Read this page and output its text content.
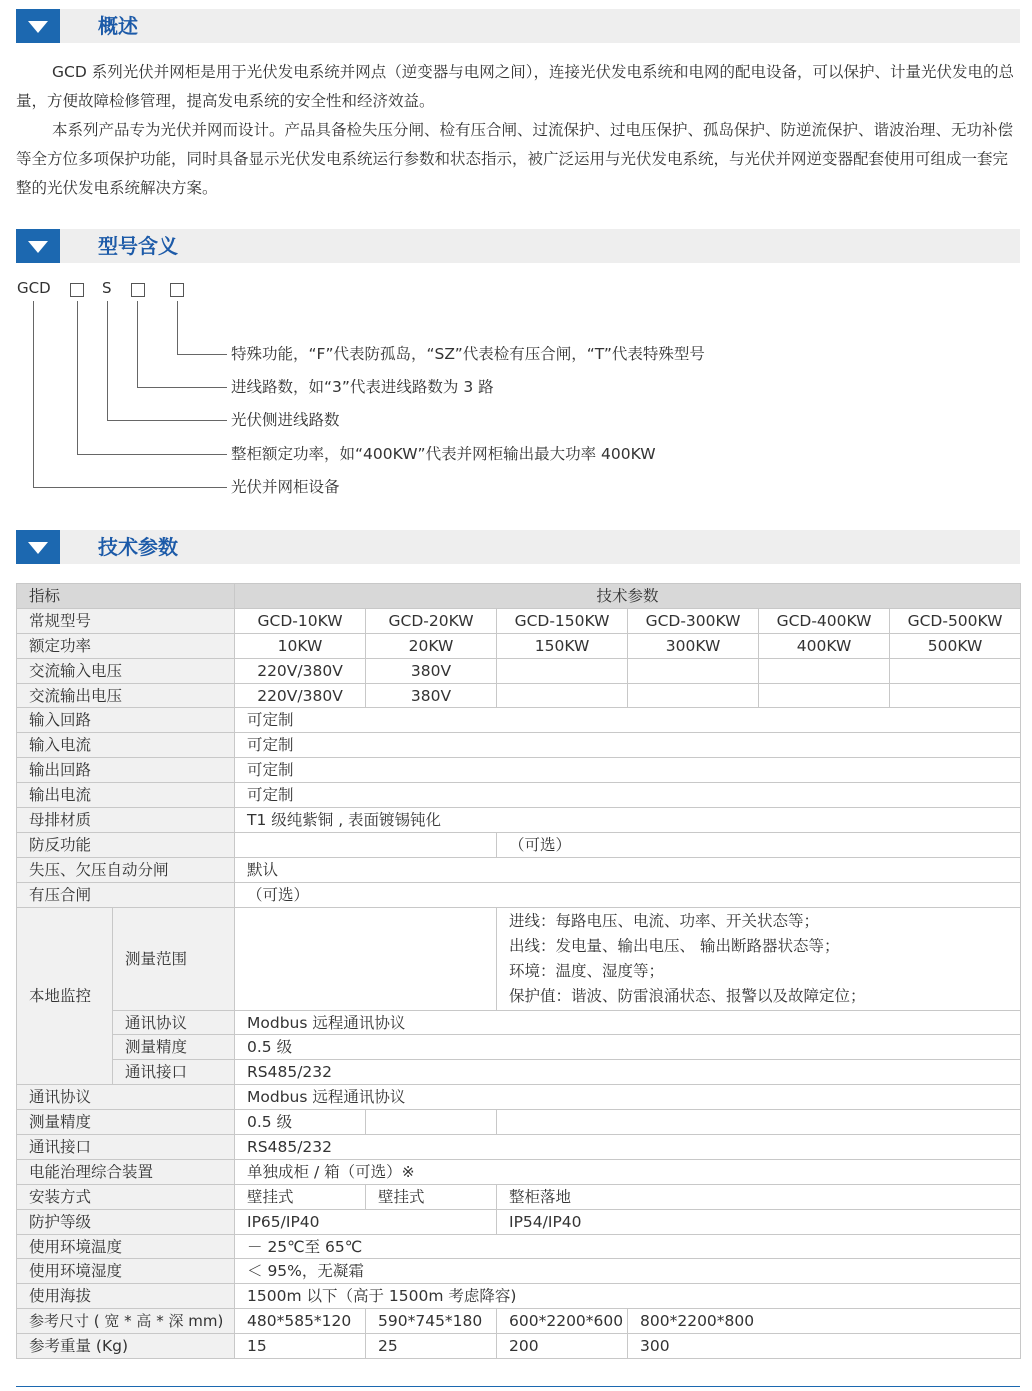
概述

GCD 系列光伏并网柜是用于光伏发电系统并网点（逆变器与电网之间），连接光伏发电系统和电网的配电设备，可以保护、计量光伏发电的总量，方便故障检修管理，提高发电系统的安全性和经济效益。

本系列产品专为光伏并网而设计。产品具备检失压分闸、检有压合闸、过流保护、过电压保护、孤岛保护、防逆流保护、谐波治理、无功补偿等全方位多项保护功能，同时具备显示光伏发电系统运行参数和状态指示，被广泛运用与光伏发电系统，与光伏并网逆变器配套使用可组成一套完整的光伏发电系统解决方案。

型号含义
GCD	S
特殊功能，“F”代表防孤岛，“SZ”代表检有压合闸，“T”代表特殊型号
进线路数，如“3”代表进线路数为 3 路
光伏侧进线路数
整柜额定功率，如“400KW”代表并网柜输出最大功率 400KW
光伏并网柜设备
技术参数
指标		技术参数					
常规型号		GCD-10KW	GCD-20KW	GCD-150KW	GCD-300KW	GCD-400KW	GCD-500KW
额定功率		10KW	20KW	150KW	300KW	400KW	500KW
交流输入电压		220V/380V	380V				
交流输出电压		220V/380V	380V				
输入回路		可定制					
输入电流		可定制					
输出回路		可定制					
输出电流		可定制					
母排材质		T1 级纯紫铜 , 表面镀锡钝化					
防反功能				（可选）			
失压、欠压自动分闸		默认					
有压合闸		（可选）					
本地监控	测量范围			进线：每路电压、电流、功率、开关状态等；
出线：发电量、输出电压、 输出断路器状态等；
环境：温度、湿度等；
保护值：谐波、防雷浪涌状态、报警以及故障定位；			

	通讯协议	Modbus 远程通讯协议					
	测量精度	0.5 级					
	通讯接口	RS485/232					
通讯协议		Modbus 远程通讯协议					
测量精度		0.5 级					
通讯接口		RS485/232					
电能治理综合装置		单独成柜 / 箱（可选）※					
安装方式		壁挂式	壁挂式	整柜落地			
防护等级		IP65/IP40		IP54/IP40			
使用环境温度		－ 25℃至 65℃					
使用环境湿度		＜ 95%，无凝霜					
使用海拔		1500m 以下（高于 1500m 考虑降容)					
参考尺寸 ( 宽 * 高 * 深 mm)		480*585*120	590*745*180	600*2200*600	800*2200*800		
参考重量 (Kg)		15	25	200	300		
